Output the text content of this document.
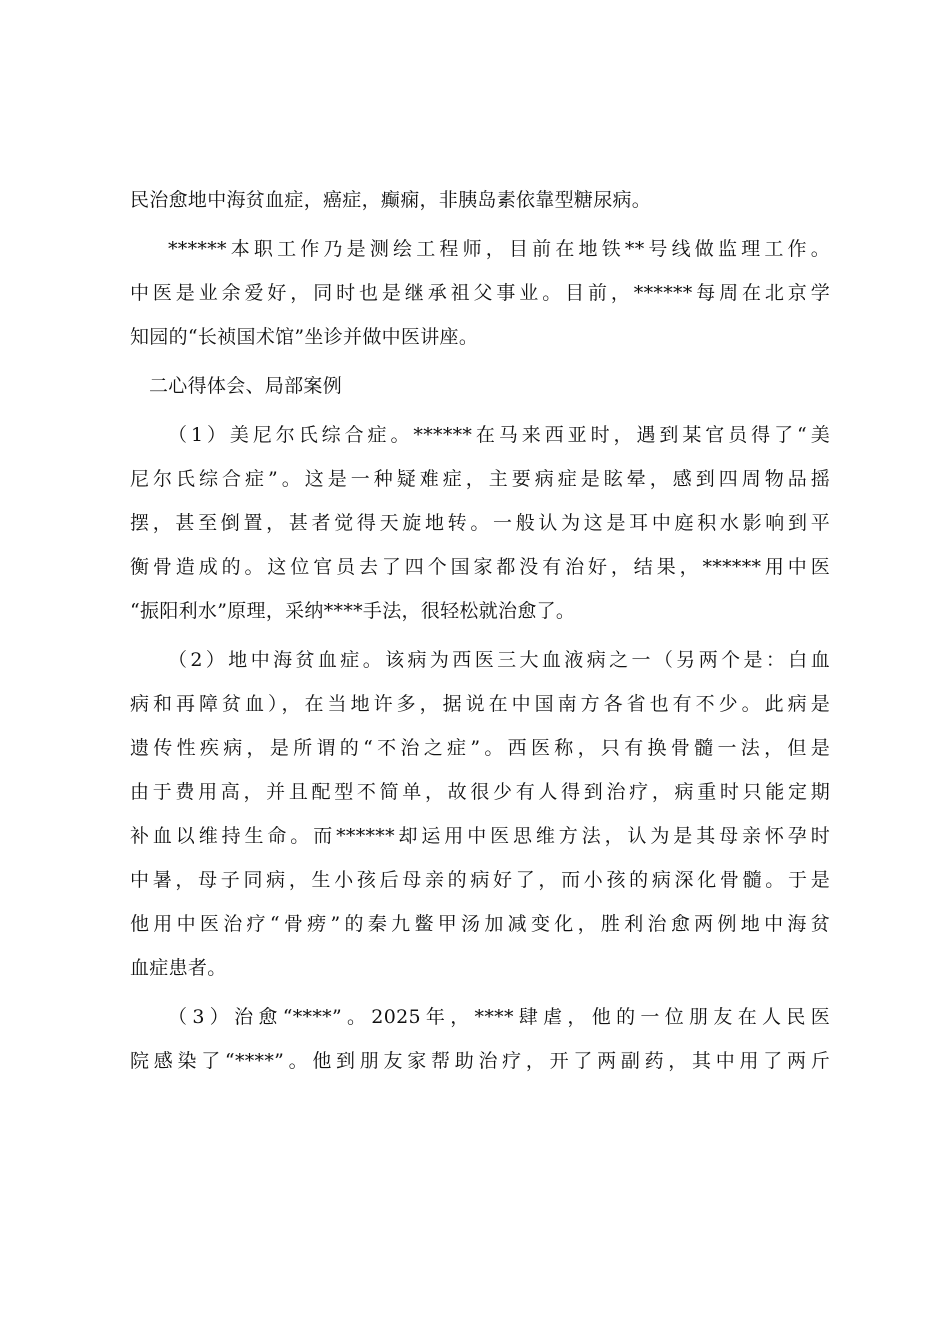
民治愈地中海贫血症，癌症，癫痫，非胰岛素依靠型糖尿病。
******本职工作乃是测绘工程师，目前在地铁**号线做监理工作。
中医是业余爱好，同时也是继承祖父事业。目前，******每周在北京学
知园的“长祯国术馆”坐诊并做中医讲座。
二心得体会、局部案例
（1）美尼尔氏综合症。******在马来西亚时，遇到某官员得了“美
尼尔氏综合症”。这是一种疑难症，主要病症是眩晕，感到四周物品摇
摆，甚至倒置，甚者觉得天旋地转。一般认为这是耳中庭积水影响到平
衡骨造成的。这位官员去了四个国家都没有治好，结果，******用中医
“振阳利水”原理，采纳****手法，很轻松就治愈了。
（2）地中海贫血症。该病为西医三大血液病之一（另两个是：白血
病和再障贫血），在当地许多，据说在中国南方各省也有不少。此病是
遗传性疾病，是所谓的“不治之症”。西医称，只有换骨髓一法，但是
由于费用高，并且配型不简单，故很少有人得到治疗，病重时只能定期
补血以维持生命。而******却运用中医思维方法，认为是其母亲怀孕时
中暑，母子同病，生小孩后母亲的病好了，而小孩的病深化骨髓。于是
他用中医治疗“骨痨”的秦九鳖甲汤加减变化，胜利治愈两例地中海贫
血症患者。
（3）治愈“****”。2025年，****肆虐，他的一位朋友在人民医
院感染了“****”。他到朋友家帮助治疗，开了两副药，其中用了两斤
